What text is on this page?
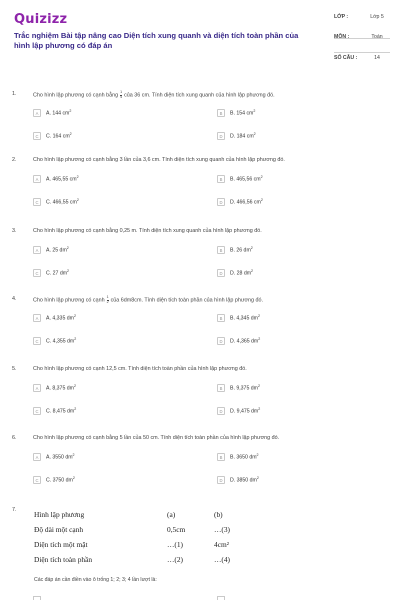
Quizizz
Trắc nghiệm Bài tập nâng cao Diện tích xung quanh và diện tích toàn phần của hình lập phương có đáp án
LỚP :	Lớp 5
MÔN :	Toán
SỐ CÂU :	14
1.	Cho hình lập phương có cạnh bằng $\frac{1}{4}$ của 36 cm. Tính diện tích xung quanh của hình lập phương đó.
A	A. 144 $cm^2$	B	B. 154 $cm^2$
C	C. 164 $cm^2$	D	D. 184 $cm^2$
2.	Cho hình lập phương có cạnh bằng 3 lần của 3,6 cm. Tính diện tích xung quanh của hình lập phương đó.
A	A. 465,55 $cm^2$	B	B. 465,56 $cm^2$
C	C. 466,55 $cm^2$	D	D. 466,56 $cm^2$
3.	Cho hình lập phương có cạnh bằng 0,25 m. Tính diện tích xung quanh của hình lập phương đó.
A	A. 25 $dm^2$	B	B. 26 $dm^2$
C	C. 27 $dm^2$	D	D. 28 $dm^2$
4.	Cho hình lập phương có cạnh $\frac{1}{2}$ của 6dm8cm. Tính diện tích toàn phần của hình lập phương đó.
A	A. 4,335 $dm^2$	B	B. 4,345 $dm^2$
C	C. 4,355 $dm^2$	D	D. 4,365 $dm^2$
5.	Cho hình lập phương có cạnh 12,5 cm. Tính diện tích toàn phần của hình lập phương đó.
A	A. 8,375 $dm^2$	B	B. 9,375 $dm^2$
C	C. 8,475 $dm^2$	D	D. 9,475 $dm^2$
6.	Cho hình lập phương có cạnh bằng 5 lần của 50 cm. Tính diện tích toàn phần của hình lập phương đó.
A	A. 3550 $dm^2$	B	B. 3650 $dm^2$
C	C. 3750 $dm^2$	D	D. 3850 $dm^2$
7. Hình lập phương	(a)	(b)
Độ dài một cạnh	0,5cm	…(3)
Diện tích một mặt	…(1)	4cm²
Diện tích toàn phần	…(2)	…(4)
Các đáp án cần điền vào ô trống 1; 2; 3; 4 lần lượt là:
